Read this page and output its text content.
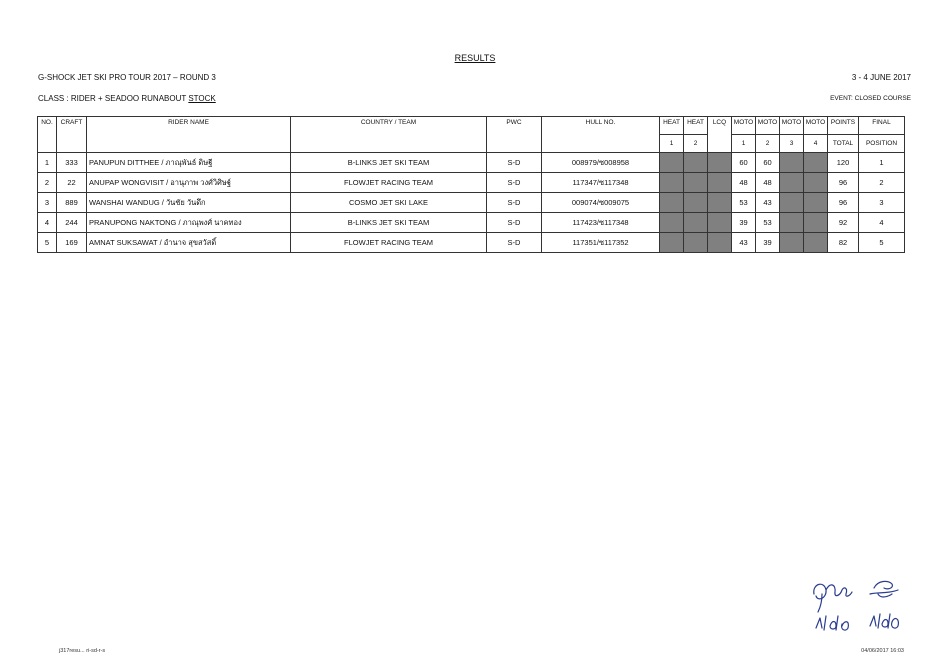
RESULTS
G-SHOCK JET SKI PRO TOUR 2017 – ROUND 3	3 - 4 JUNE 2017
CLASS : RIDER + SEADOO RUNABOUT STOCK	EVENT: CLOSED COURSE
NO.	CRAFT	RIDER NAME	COUNTRY / TEAM	PWC	HULL NO.	HEAT	HEAT	LCQ	MOTO	MOTO	MOTO	MOTO	POINTS	FINAL
						1	2		1	2	3	4	TOTAL	POSITION
1	333	PANUPUN DITTHEE / ภาณุพันธ์ ดิษฐี	B-LINKS JET SKI TEAM	S-D	008979/ซ008958				60	60			120	1
2	22	ANUPAP WONGVISIT / อานุภาพ วงศ์วิศิษฐ์	FLOWJET RACING TEAM	S-D	117347/ซ117348				48	48			96	2
3	889	WANSHAI WANDUG / วันชัย วันดึก	COSMO JET SKI LAKE	S-D	009074/ซ009075				53	43			96	3
4	244	PRANUPONG NAKTONG / ภาณุพงศ์ นาคทอง	B-LINKS JET SKI TEAM	S-D	117423/ซ117348				39	53			92	4
5	169	AMNAT SUKSAWAT / อำนาจ สุขสวัสดิ์	FLOWJET RACING TEAM	S-D	117351/ซ117352				43	39			82	5
j317resu... ri-sd-r-s	04/06/2017 16:03
